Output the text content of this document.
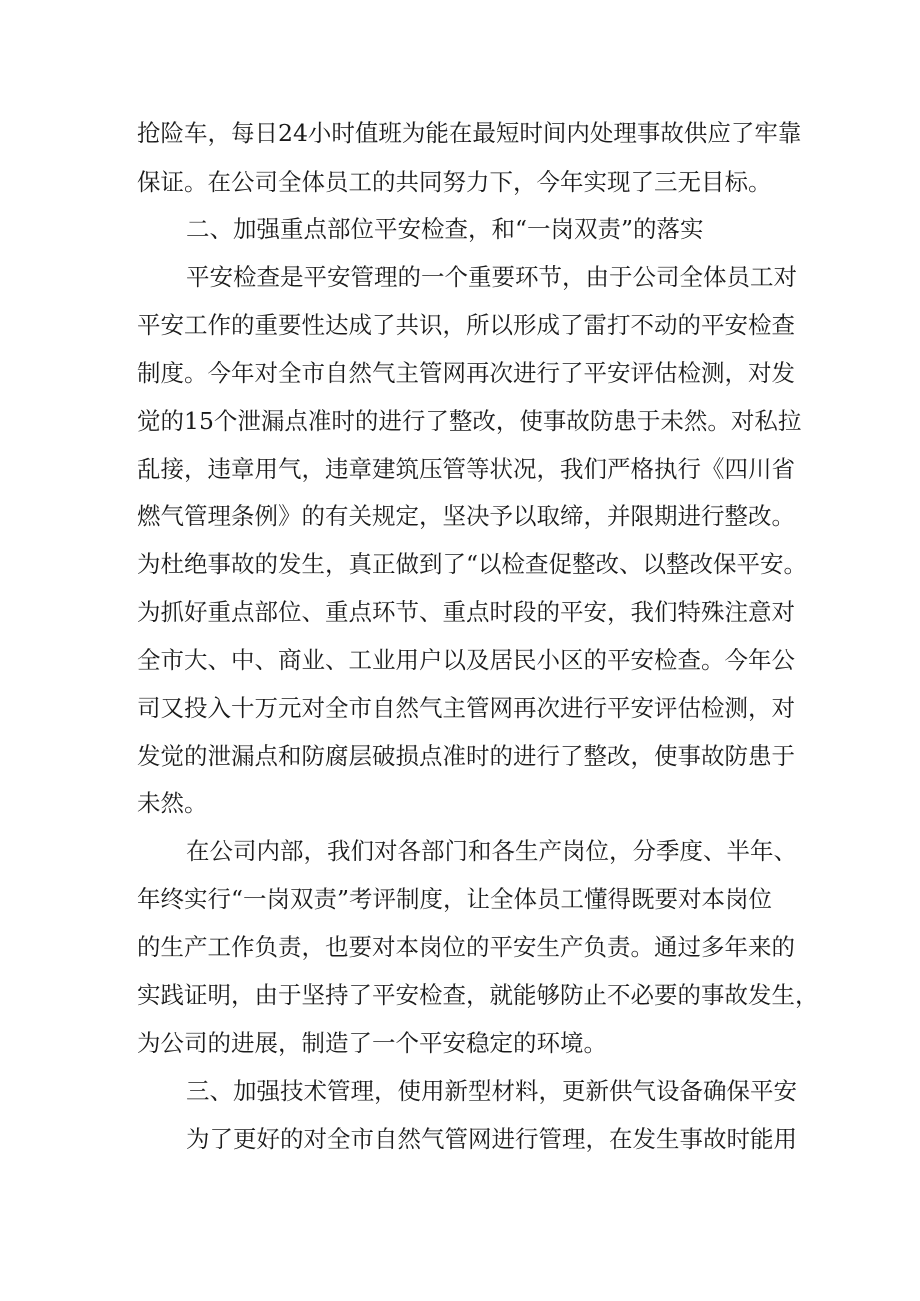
抢险车，每日24小时值班为能在最短时间内处理事故供应了牢靠
保证。在公司全体员工的共同努力下，今年实现了三无目标。
二、加强重点部位平安检查，和“一岗双责”的落实
平安检查是平安管理的一个重要环节，由于公司全体员工对
平安工作的重要性达成了共识，所以形成了雷打不动的平安检查
制度。今年对全市自然气主管网再次进行了平安评估检测，对发
觉的15个泄漏点准时的进行了整改，使事故防患于未然。对私拉
乱接，违章用气，违章建筑压管等状况，我们严格执行《四川省
燃气管理条例》的有关规定，坚决予以取缔，并限期进行整改。
为杜绝事故的发生，真正做到了“以检查促整改、以整改保平安。
为抓好重点部位、重点环节、重点时段的平安，我们特殊注意对
全市大、中、商业、工业用户以及居民小区的平安检查。今年公
司又投入十万元对全市自然气主管网再次进行平安评估检测，对
发觉的泄漏点和防腐层破损点准时的进行了整改，使事故防患于
未然。
在公司内部，我们对各部门和各生产岗位，分季度、半年、
年终实行“一岗双责”考评制度，让全体员工懂得既要对本岗位
的生产工作负责，也要对本岗位的平安生产负责。通过多年来的
实践证明，由于坚持了平安检查，就能够防止不必要的事故发生，
为公司的进展，制造了一个平安稳定的环境。
三、加强技术管理，使用新型材料，更新供气设备确保平安
为了更好的对全市自然气管网进行管理，在发生事故时能用
